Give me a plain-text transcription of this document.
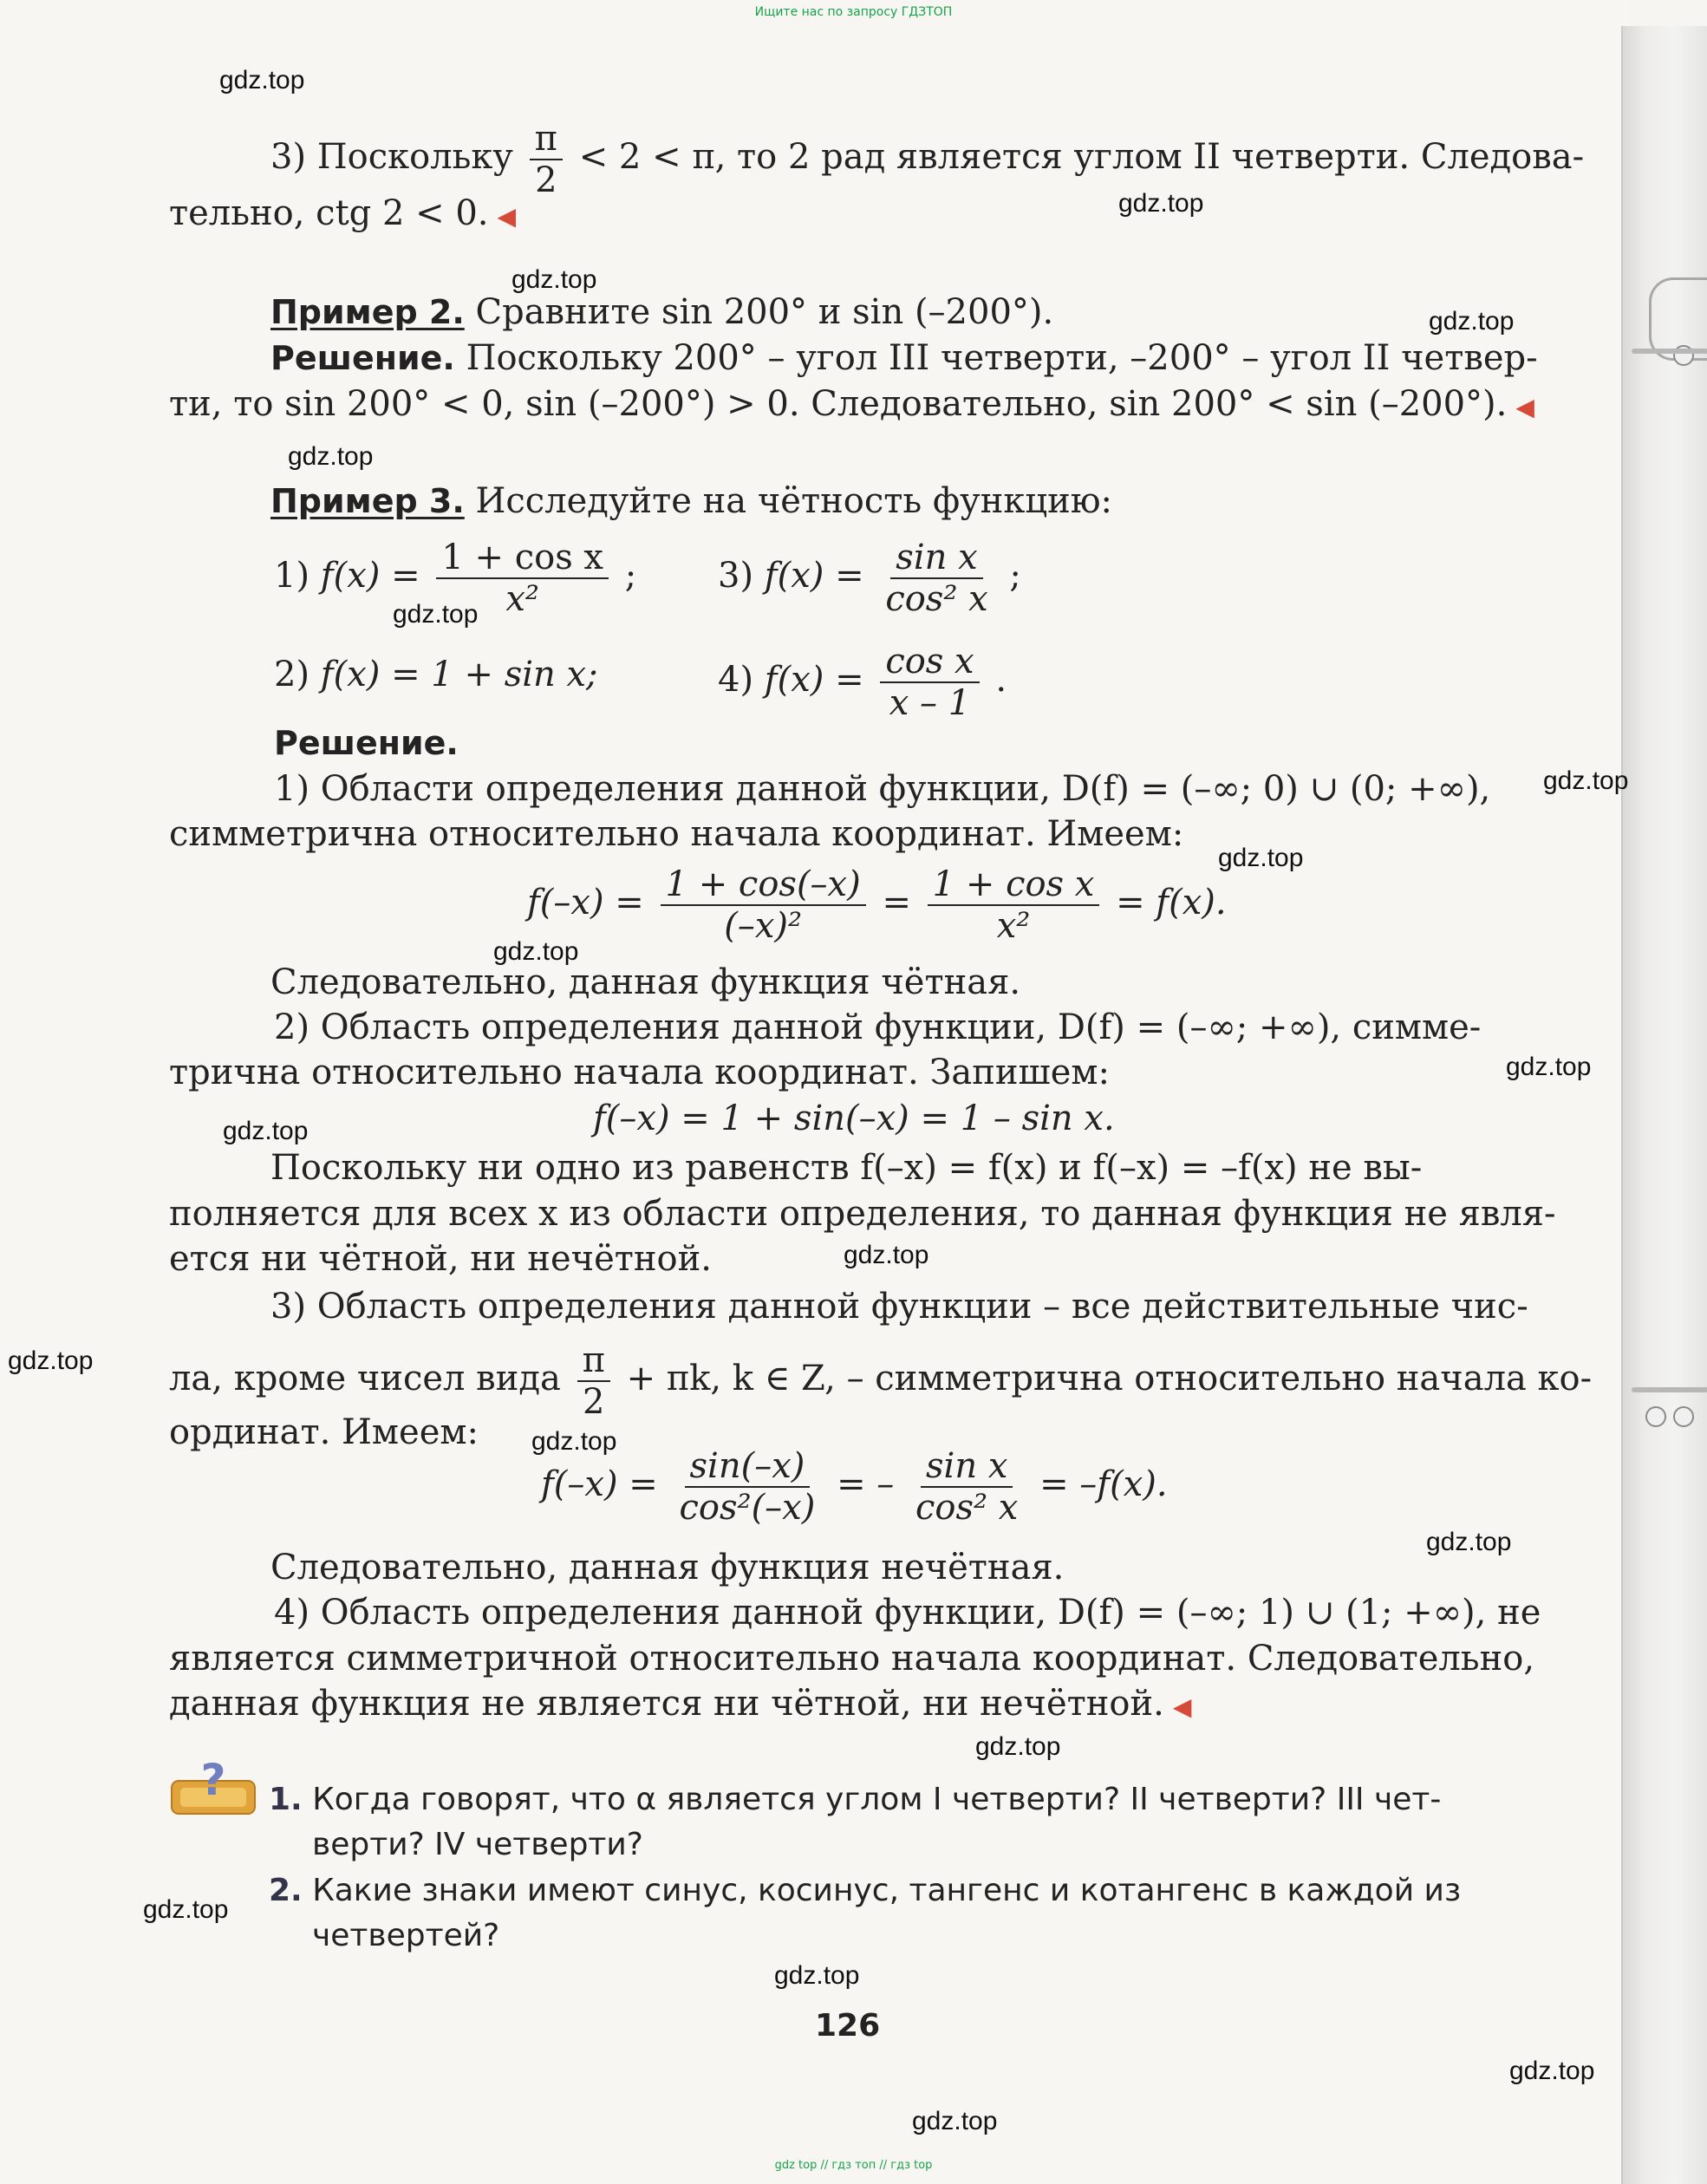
Ищите нас по запросу ГДЗТОП
gdz.top
gdz.top
gdz.top
gdz.top
gdz.top
gdz.top
gdz.top
gdz.top
gdz.top
gdz.top
gdz.top
gdz.top
gdz.top
gdz.top
gdz.top
gdz.top
gdz.top
gdz.top
gdz.top
gdz.top
3) Поскольку $\frac{\pi}{2} < 2 < \pi$, то 2 рад является углом II четверти. Следова-
тельно, ctg 2 < 0. ◀
Пример 2. Сравните sin 200° и sin (–200°).
Решение. Поскольку 200° – угол III четверти, –200° – угол II четвер-
ти, то sin 200° < 0, sin (–200°) > 0. Следовательно, sin 200° < sin (–200°). ◀
Пример 3. Исследуйте на чётность функцию:
1) $f(x) = \frac{\text{1 + cos x}}{\text{x²}}$ ; 3) $f(x) = \frac{\text{sin x}}{\text{cos² x}}$ ;
2) f(x) = 1 + sin x;	4) $f(x) = \frac{\text{cos x}}{x - 1}$ .
Решение.
1) Области определения данной функции, D(f) = (–∞; 0) ∪ (0; +∞),
симметрична относительно начала координат. Имеем:
$f(-x) = \frac{1 + \cos(-x)}{\text{(–x)²}} = \frac{\text{1 + cos x}}{\text{x²}} = f(x)$.
Следовательно, данная функция чётная.
2) Область определения данной функции, D(f) = (–∞; +∞), симме-
трична относительно начала координат. Запишем:
f(–x) = 1 + sin(–x) = 1 – sin x.
Поскольку ни одно из равенств f(–x) = f(x) и f(–x) = –f(x) не вы-
полняется для всех x из области определения, то данная функция не явля-
ется ни чётной, ни нечётной.
3) Область определения данной функции – все действительные чис-
ла, кроме чисел вида $\frac{\pi}{2} + \pi k$, k ∈ Z, – симметрична относительно начала ко-
ординат. Имеем:
$f(-x) = \frac{\sin(-x)}{\text{cos²(–x)}}$ = – $\frac{\text{sin x}}{\text{cos² x}} = -f(x)$.
Следовательно, данная функция нечётная.
4) Область определения данной функции, D(f) = (–∞; 1) ∪ (1; +∞), не
является симметричной относительно начала координат. Следовательно,
данная функция не является ни чётной, ни нечётной. ◀
? 1. Когда говорят, что α является углом I четверти? II четверти? III чет-
верти? IV четверти?
2. Какие знаки имеют синус, косинус, тангенс и котангенс в каждой из
четвертей?
126
gdz top // гдз топ // гдз top
